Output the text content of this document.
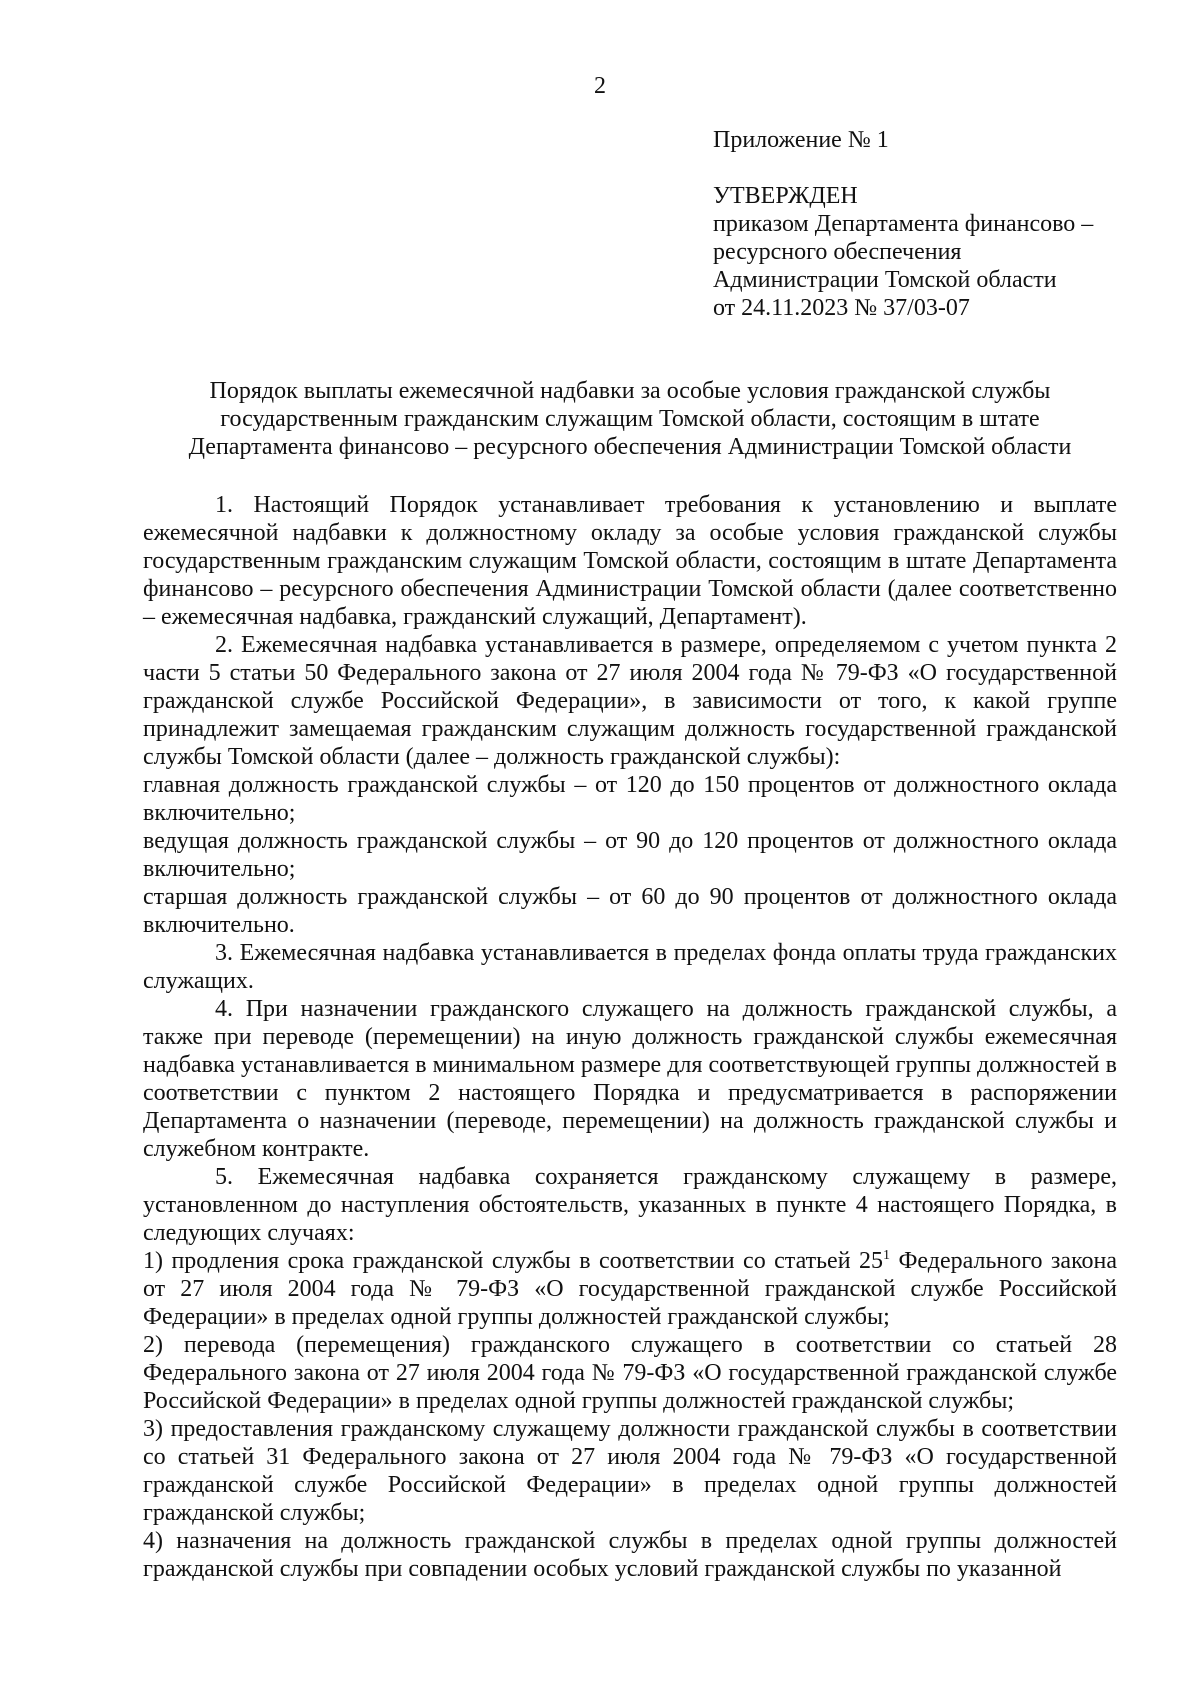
2

Приложение № 1

УТВЕРЖДЕН
приказом Департамента финансово –
ресурсного обеспечения
Администрации Томской области
от 24.11.2023 № 37/03-07

Порядок выплаты ежемесячной надбавки за особые условия гражданской службы
государственным гражданским служащим Томской области, состоящим в штате
Департамента финансово – ресурсного обеспечения Администрации Томской области

1. Настоящий Порядок устанавливает требования к установлению и выплате ежемесячной надбавки к должностному окладу за особые условия гражданской службы государственным гражданским служащим Томской области, состоящим в штате Департамента финансово – ресурсного обеспечения Администрации Томской области (далее соответственно – ежемесячная надбавка, гражданский служащий, Департамент).

2. Ежемесячная надбавка устанавливается в размере, определяемом с учетом пункта 2 части 5 статьи 50 Федерального закона от 27 июля 2004 года № 79-ФЗ «О государственной гражданской службе Российской Федерации», в зависимости от того, к какой группе принадлежит замещаемая гражданским служащим должность государственной гражданской службы Томской области (далее – должность гражданской службы):

главная должность гражданской службы – от 120 до 150 процентов от должностного оклада включительно;

ведущая должность гражданской службы – от 90 до 120 процентов от должностного оклада включительно;

старшая должность гражданской службы – от 60 до 90 процентов от должностного оклада включительно.

3. Ежемесячная надбавка устанавливается в пределах фонда оплаты труда гражданских служащих.

4. При назначении гражданского служащего на должность гражданской службы, а также при переводе (перемещении) на иную должность гражданской службы ежемесячная надбавка устанавливается в минимальном размере для соответствующей группы должностей в соответствии с пунктом 2 настоящего Порядка и предусматривается в распоряжении Департамента о назначении (переводе, перемещении) на должность гражданской службы и служебном контракте.

5. Ежемесячная надбавка сохраняется гражданскому служащему в размере, установленном до наступления обстоятельств, указанных в пункте 4 настоящего Порядка, в следующих случаях:

1) продления срока гражданской службы в соответствии со статьей $25^1$ Федерального закона от 27 июля 2004 года № 79-ФЗ «О государственной гражданской службе Российской Федерации» в пределах одной группы должностей гражданской службы;

2) перевода (перемещения) гражданского служащего в соответствии со статьей 28 Федерального закона от 27 июля 2004 года № 79-ФЗ «О государственной гражданской службе Российской Федерации» в пределах одной группы должностей гражданской службы;

3) предоставления гражданскому служащему должности гражданской службы в соответствии со статьей 31 Федерального закона от 27 июля 2004 года № 79-ФЗ «О государственной гражданской службе Российской Федерации» в пределах одной группы должностей гражданской службы;

4) назначения на должность гражданской службы в пределах одной группы должностей гражданской службы при совпадении особых условий гражданской службы по указанной
